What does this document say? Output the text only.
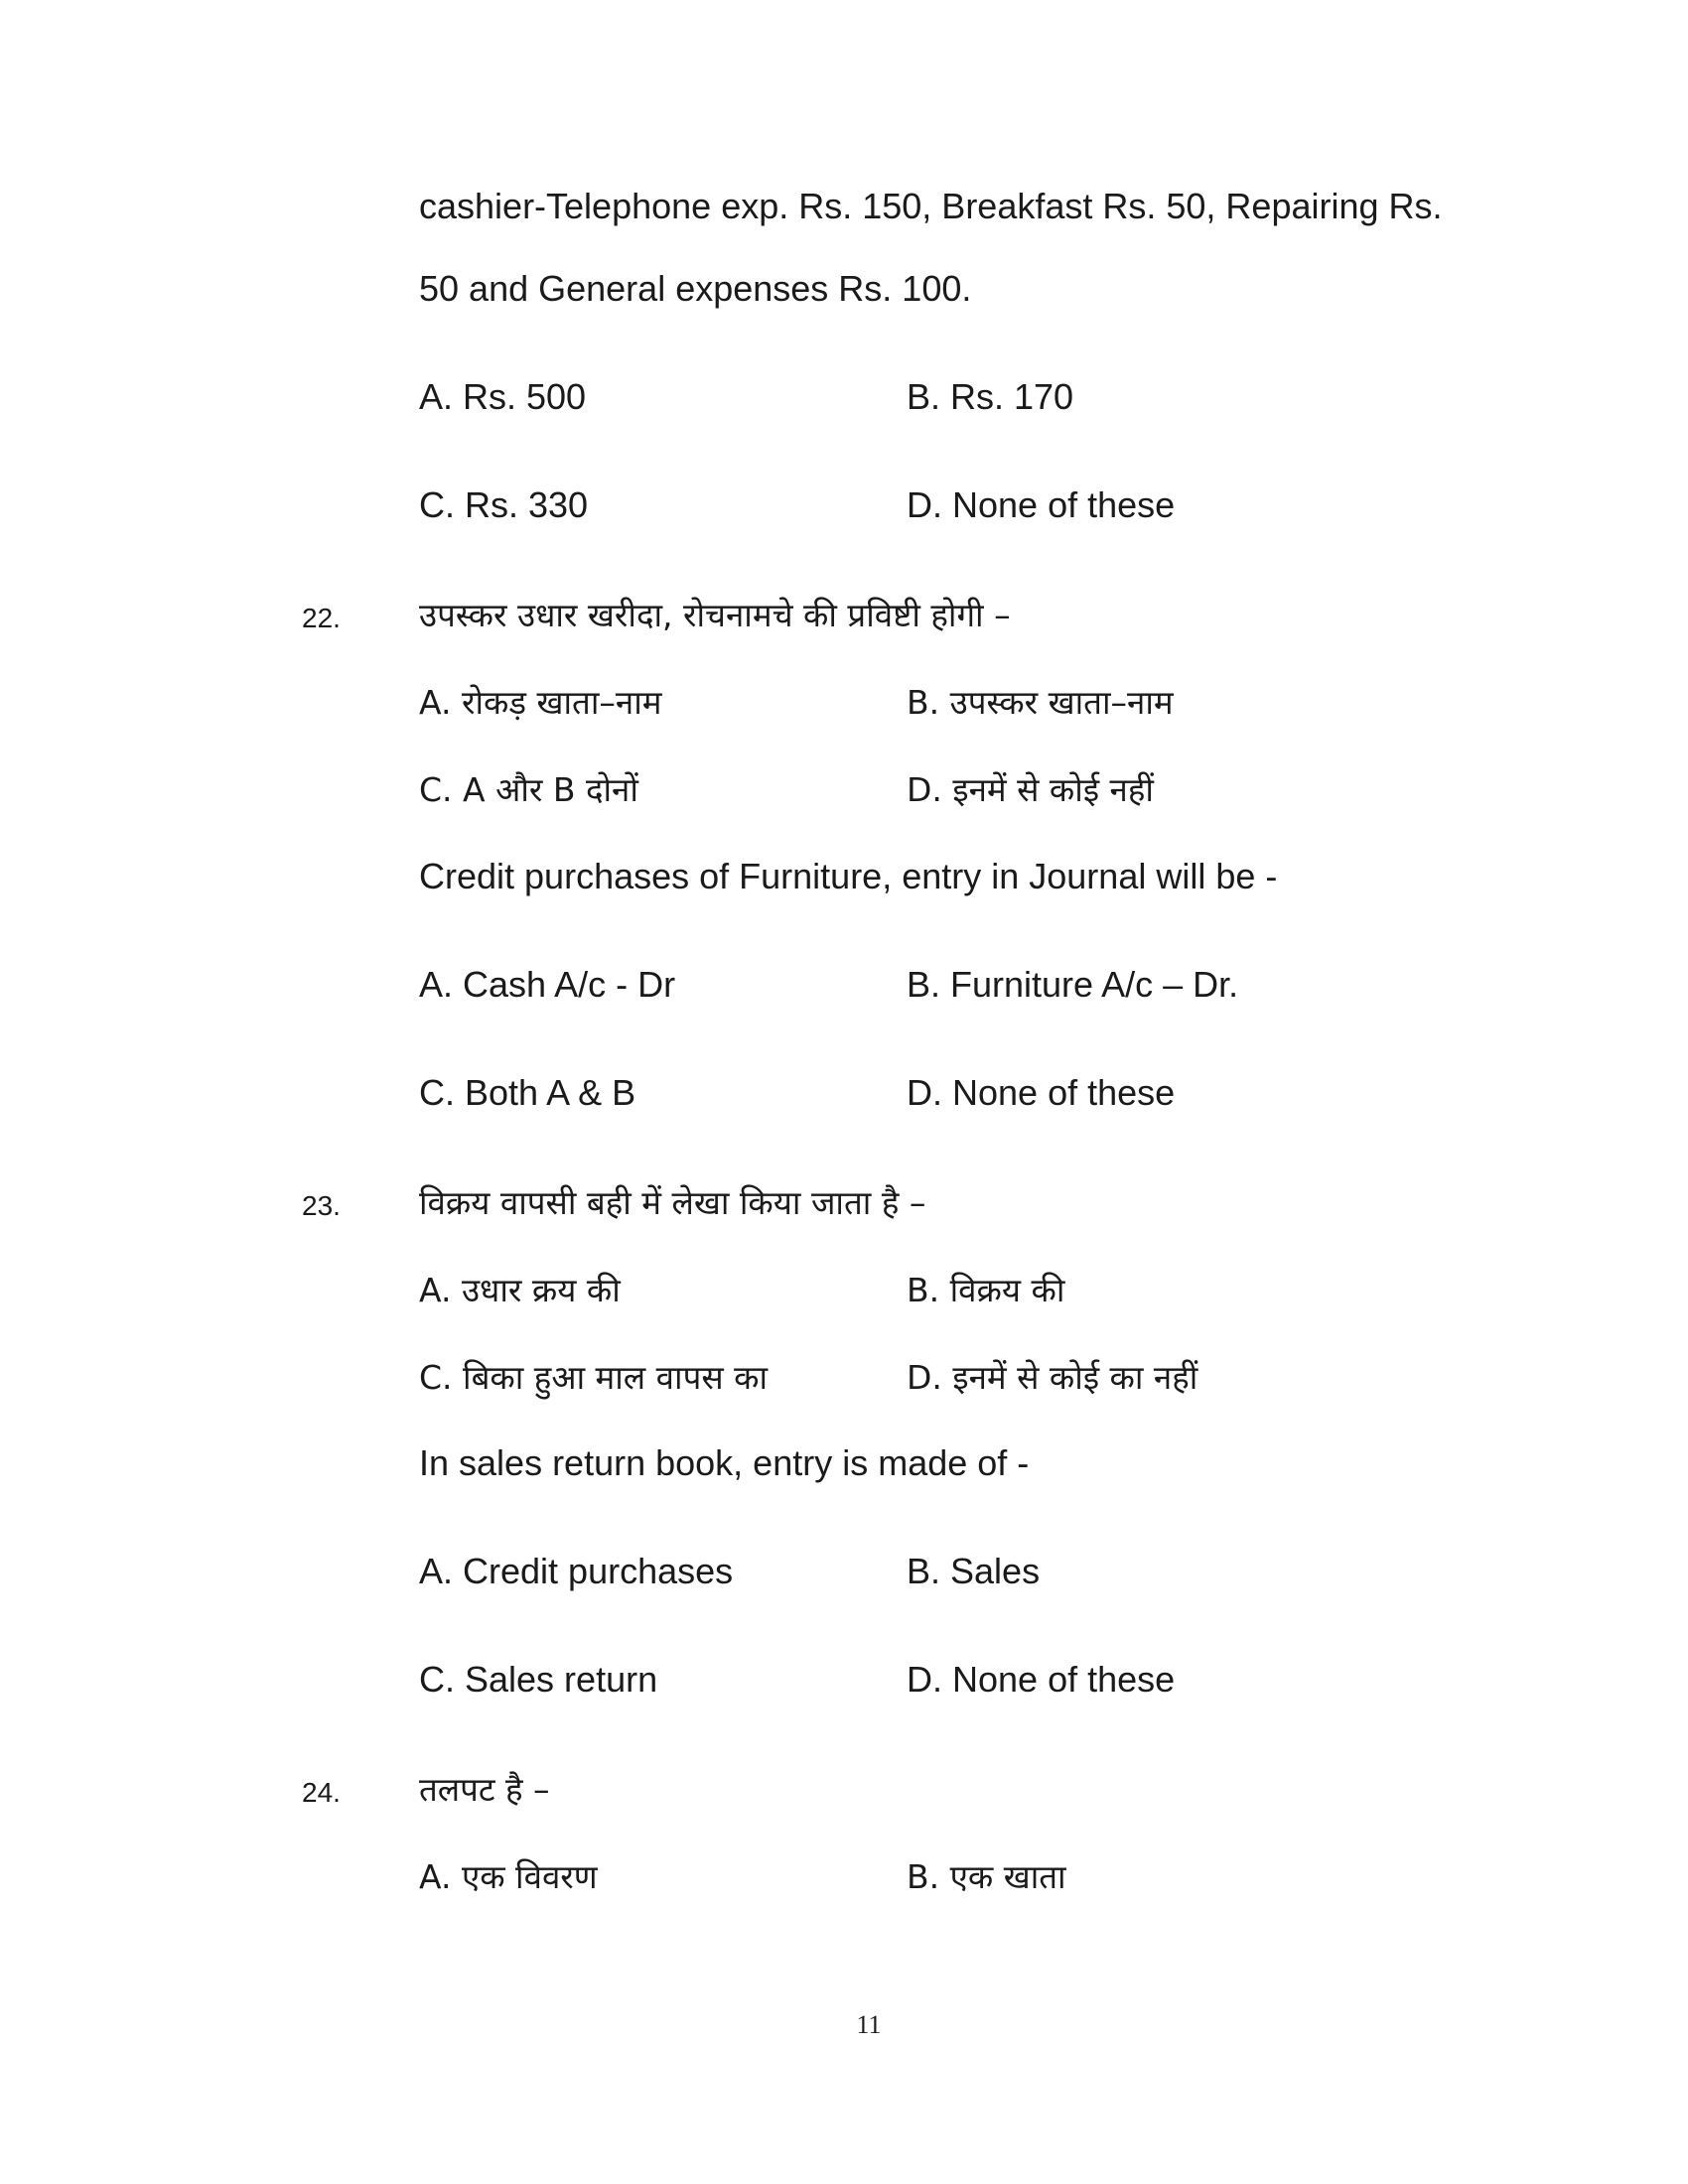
cashier-Telephone exp. Rs. 150, Breakfast Rs. 50, Repairing Rs.
50 and General expenses Rs. 100.
A. Rs. 500	B. Rs. 170
C. Rs. 330	D. None of these
22. उपस्कर उधार खरीदा, रोचनामचे की प्रविष्टी होगी –
A. रोकड़ खाता–नाम	B. उपस्कर खाता–नाम
C. A और B दोनों	D. इनमें से कोई नहीं
Credit purchases of Furniture, entry in Journal will be -
A. Cash A/c - Dr	B. Furniture A/c – Dr.
C. Both A & B	D. None of these
23. विक्रय वापसी बही में लेखा किया जाता है –
A. उधार क्रय की	B. विक्रय की
C. बिका हुआ माल वापस का	D. इनमें से कोई का नहीं
In sales return book, entry is made of -
A. Credit purchases	B. Sales
C. Sales return	D. None of these
24. तलपट है –
A. एक विवरण	B. एक खाता
11
